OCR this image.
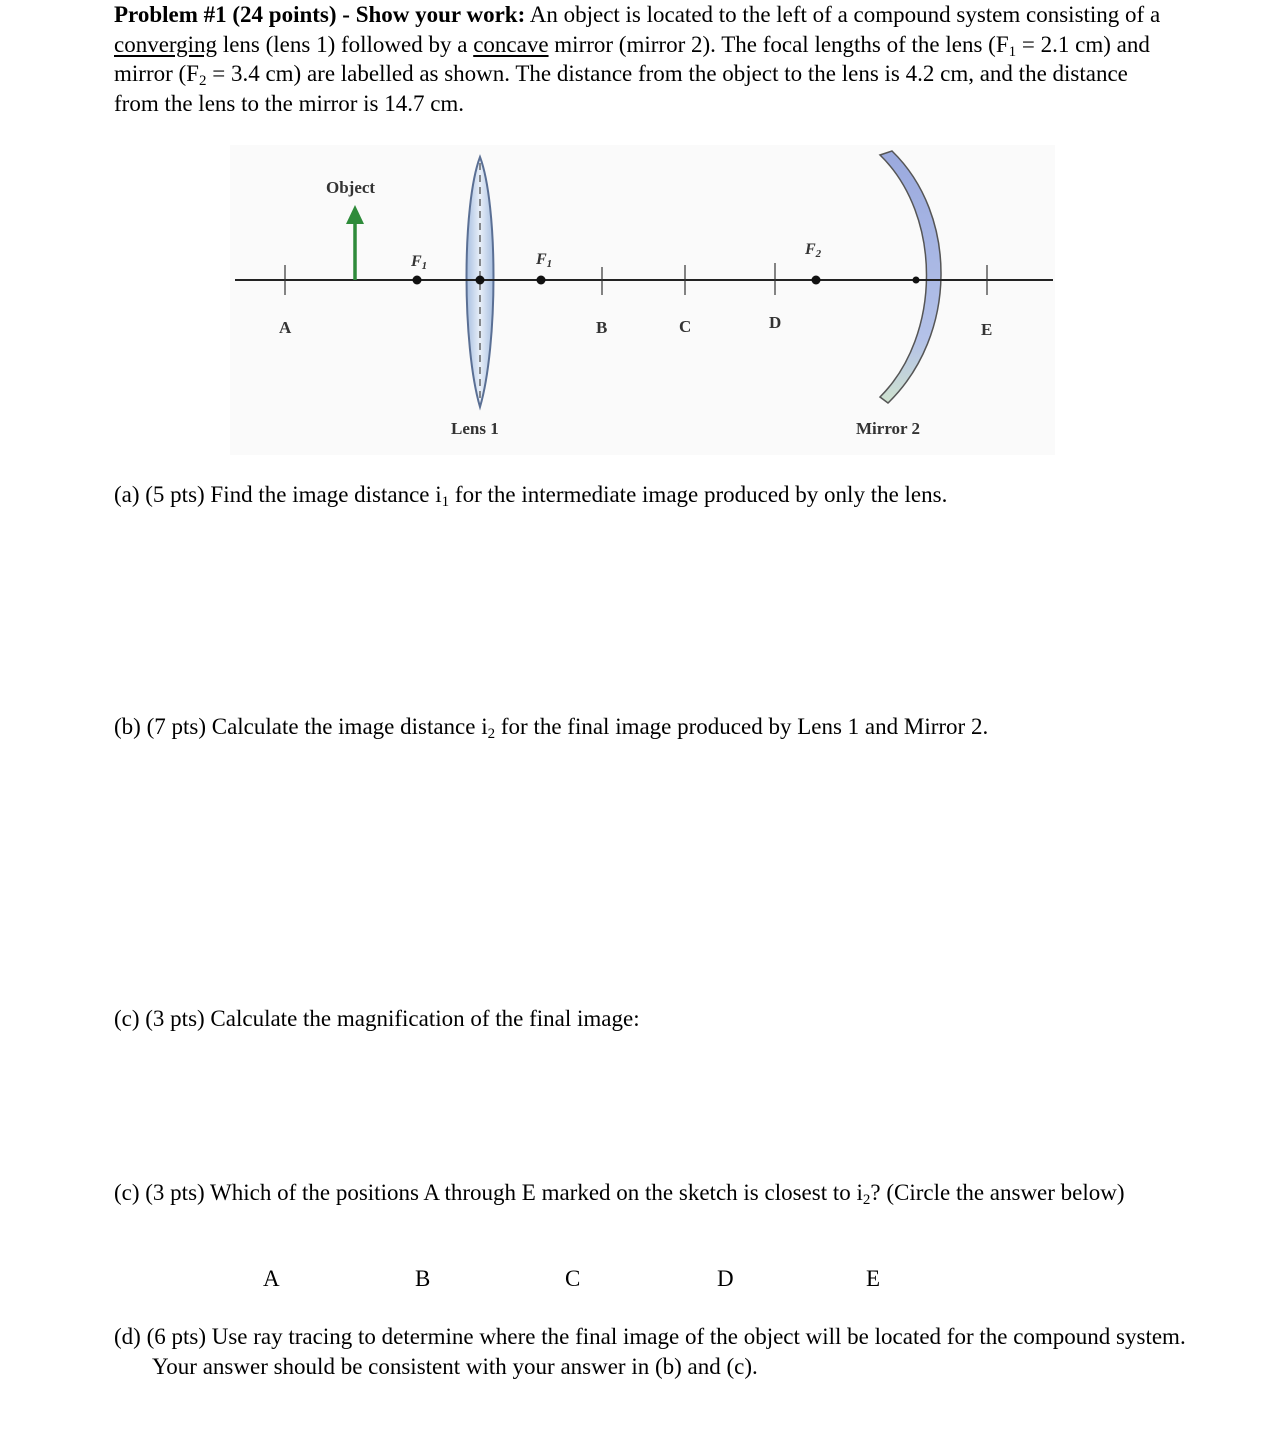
Problem #1 (24 points) - Show your work: An object is located to the left of a compound system consisting of a converging lens (lens 1) followed by a concave mirror (mirror 2). The focal lengths of the lens ($F_1 = 2.1$ cm) and mirror ($F_2 = 3.4$ cm) are labelled as shown. The distance from the object to the lens is 4.2 cm, and the distance from the lens to the mirror is 14.7 cm.
Object
F1	F1
F2
A	B	C	D	E
Lens 1	Mirror 2
(a) (5 pts) Find the image distance $i_1$ for the intermediate image produced by only the lens.
(b) (7 pts) Calculate the image distance $i_2$ for the final image produced by Lens 1 and Mirror 2.
(c) (3 pts) Calculate the magnification of the final image:
(c) (3 pts) Which of the positions A through E marked on the sketch is closest to $i_2$? (Circle the answer below)
A	B	C	D	E
(d) (6 pts) Use ray tracing to determine where the final image of the object will be located for the compound system. Your answer should be consistent with your answer in (b) and (c).
